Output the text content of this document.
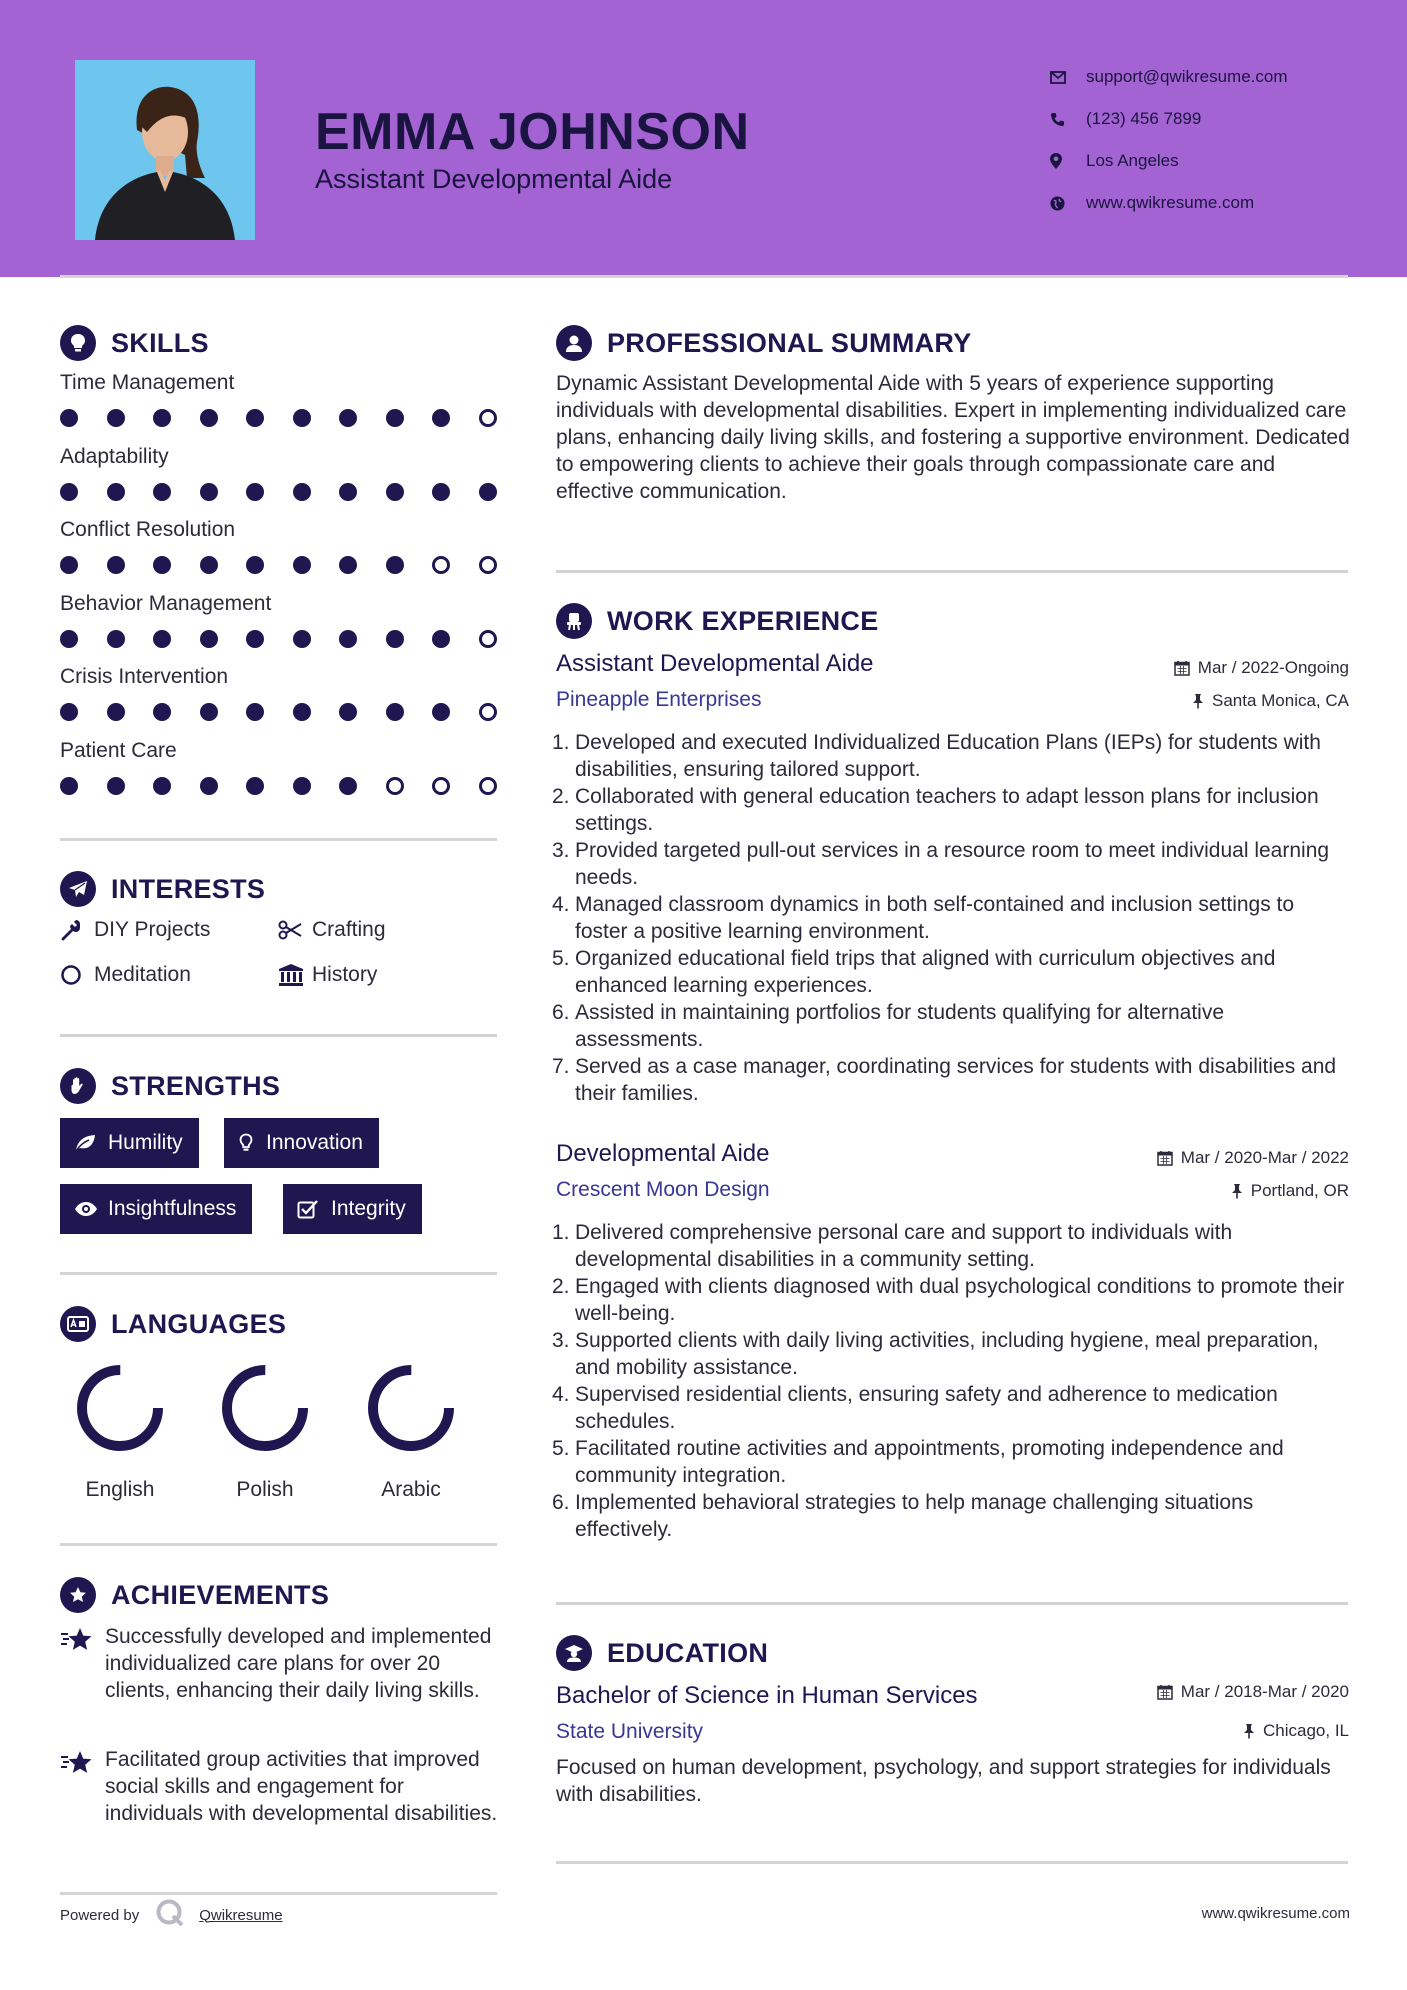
EMMA JOHNSON
Assistant Developmental Aide
support@qwikresume.com
(123) 456 7899
Los Angeles
www.qwikresume.com
SKILLS
Time Management
Adaptability
Conflict Resolution
Behavior Management
Crisis Intervention
Patient Care
INTERESTS
DIY Projects	Crafting
Meditation	History
STRENGTHS
Humility	Innovation
Insightfulness	Integrity
LANGUAGES
English	Polish	Arabic
ACHIEVEMENTS
Successfully developed and implemented individualized care plans for over 20 clients, enhancing their daily living skills.
Facilitated group activities that improved social skills and engagement for individuals with developmental disabilities.
PROFESSIONAL SUMMARY
Dynamic Assistant Developmental Aide with 5 years of experience supporting individuals with developmental disabilities. Expert in implementing individualized care plans, enhancing daily living skills, and fostering a supportive environment. Dedicated to empowering clients to achieve their goals through compassionate care and effective communication.
WORK EXPERIENCE
Assistant Developmental Aide	Mar / 2022-Ongoing
Pineapple Enterprises	Santa Monica, CA
1. Developed and executed Individualized Education Plans (IEPs) for students with disabilities, ensuring tailored support.
2. Collaborated with general education teachers to adapt lesson plans for inclusion settings.
3. Provided targeted pull-out services in a resource room to meet individual learning needs.
4. Managed classroom dynamics in both self-contained and inclusion settings to foster a positive learning environment.
5. Organized educational field trips that aligned with curriculum objectives and enhanced learning experiences.
6. Assisted in maintaining portfolios for students qualifying for alternative assessments.
7. Served as a case manager, coordinating services for students with disabilities and their families.
Developmental Aide	Mar / 2020-Mar / 2022
Crescent Moon Design	Portland, OR
1. Delivered comprehensive personal care and support to individuals with developmental disabilities in a community setting.
2. Engaged with clients diagnosed with dual psychological conditions to promote their well-being.
3. Supported clients with daily living activities, including hygiene, meal preparation, and mobility assistance.
4. Supervised residential clients, ensuring safety and adherence to medication schedules.
5. Facilitated routine activities and appointments, promoting independence and community integration.
6. Implemented behavioral strategies to help manage challenging situations effectively.
EDUCATION
Bachelor of Science in Human Services	Mar / 2018-Mar / 2020
State University	Chicago, IL
Focused on human development, psychology, and support strategies for individuals with disabilities.
Powered by	Qwikresume	www.qwikresume.com
